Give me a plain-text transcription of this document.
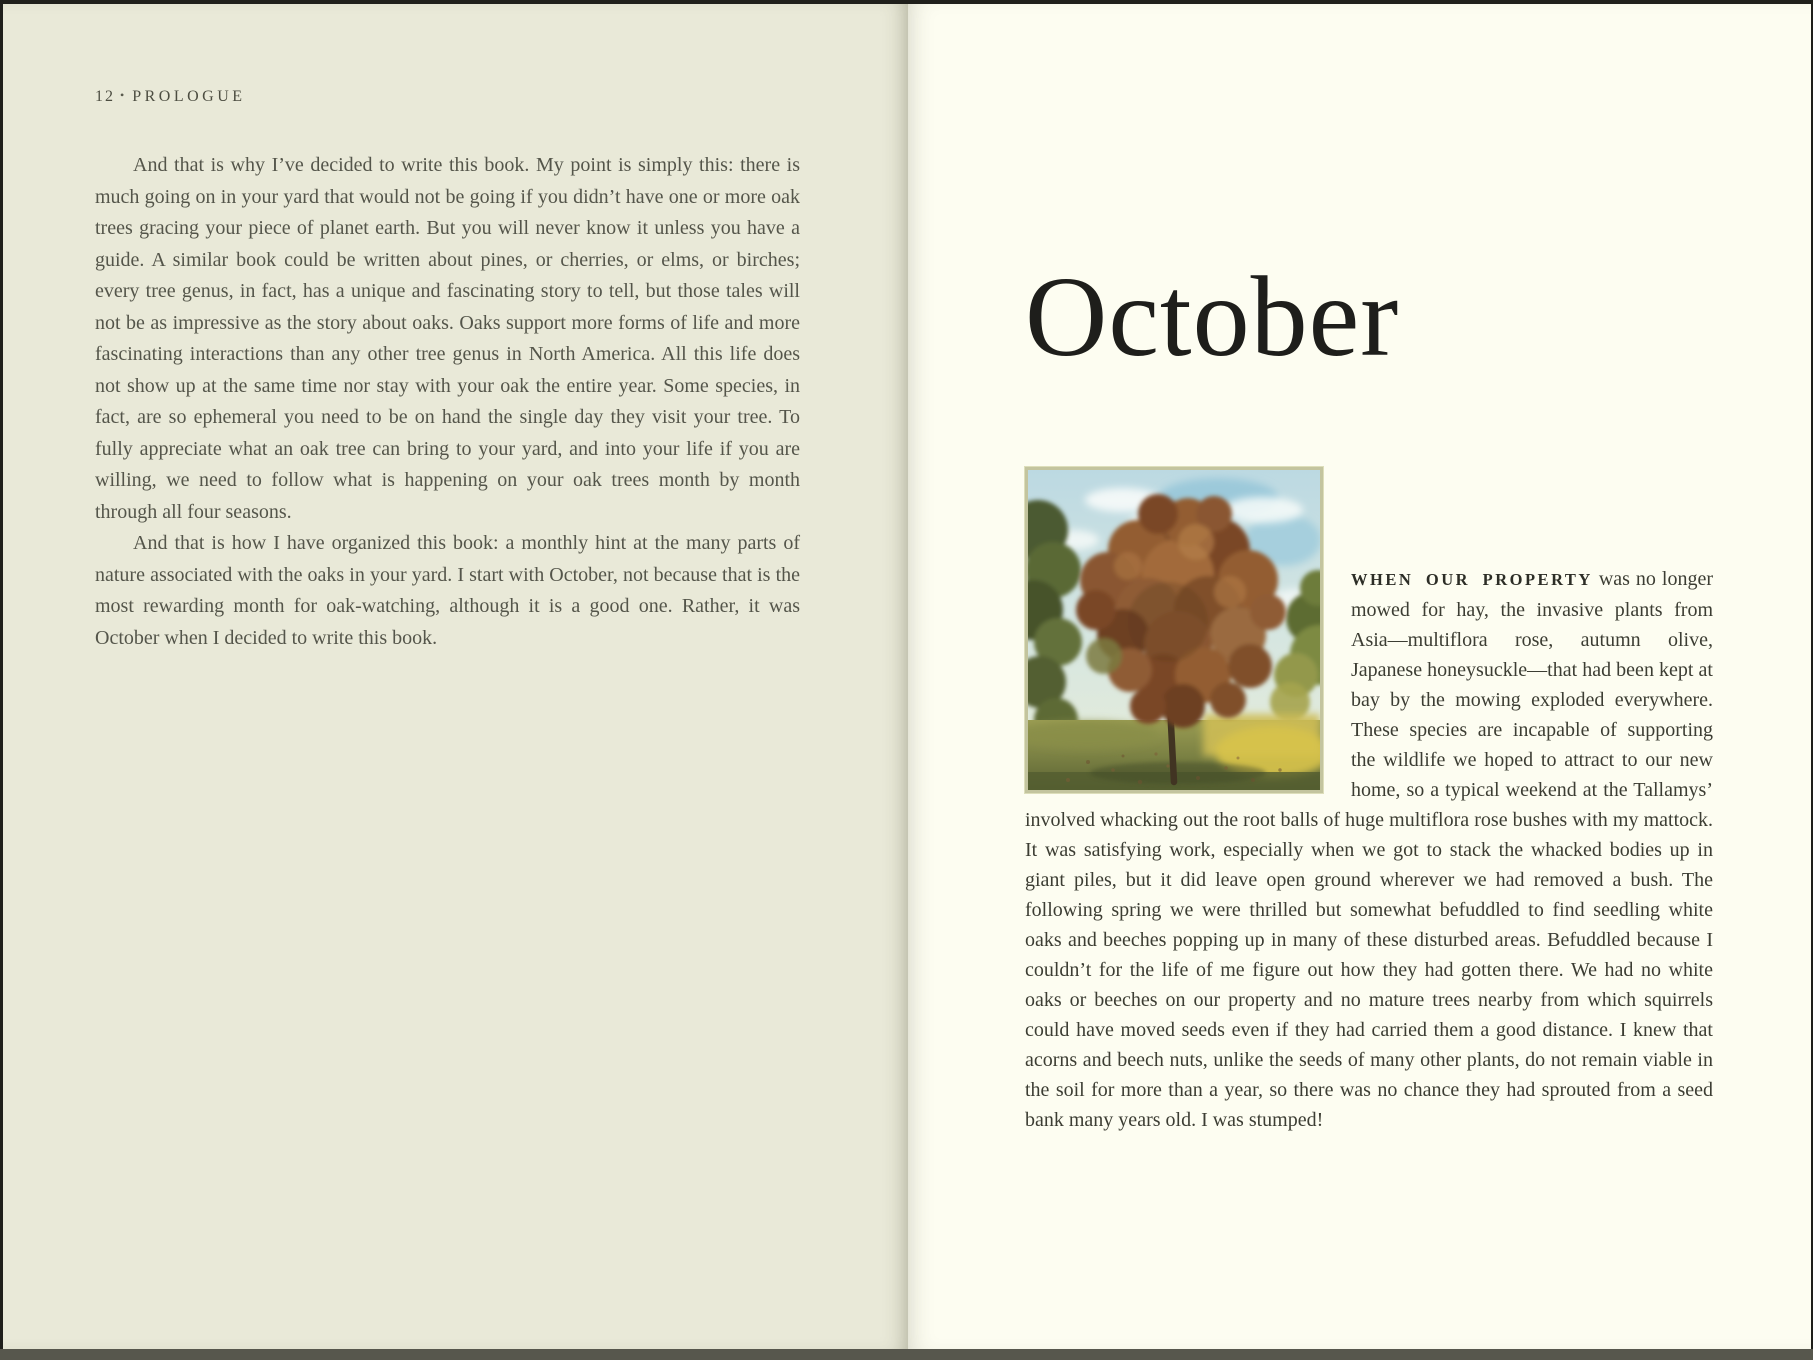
12 • PROLOGUE

And that is why I’ve decided to write this book. My point is simply this: there is much going on in your yard that would not be going if you didn’t have one or more oak trees gracing your piece of planet earth. But you will never know it unless you have a guide. A similar book could be written about pines, or cherries, or elms, or birches; every tree genus, in fact, has a unique and fascinating story to tell, but those tales will not be as impressive as the story about oaks. Oaks support more forms of life and more fascinating interactions than any other tree genus in North America. All this life does not show up at the same time nor stay with your oak the entire year. Some species, in fact, are so ephemeral you need to be on hand the single day they visit your tree. To fully appreciate what an oak tree can bring to your yard, and into your life if you are willing, we need to follow what is happening on your oak trees month by month through all four seasons.

And that is how I have organized this book: a monthly hint at the many parts of nature associated with the oaks in your yard. I start with October, not because that is the most rewarding month for oak-watching, although it is a good one. Rather, it was October when I decided to write this book.

October

WHEN OUR PROPERTY was no longer mowed for hay, the invasive plants from Asia—multiflora rose, autumn olive, Japanese honeysuckle—that had been kept at bay by the mowing exploded everywhere. These species are incapable of supporting the wildlife we hoped to attract to our new home, so a typical weekend at the Tallamys’ involved whacking out the root balls of huge multiflora rose bushes with my mattock. It was satisfying work, especially when we got to stack the whacked bodies up in giant piles, but it did leave open ground wherever we had removed a bush. The following spring we were thrilled but somewhat befuddled to find seedling white oaks and beeches popping up in many of these disturbed areas. Befuddled because I couldn’t for the life of me figure out how they had gotten there. We had no white oaks or beeches on our property and no mature trees nearby from which squirrels could have moved seeds even if they had carried them a good distance. I knew that acorns and beech nuts, unlike the seeds of many other plants, do not remain viable in the soil for more than a year, so there was no chance they had sprouted from a seed bank many years old. I was stumped!
